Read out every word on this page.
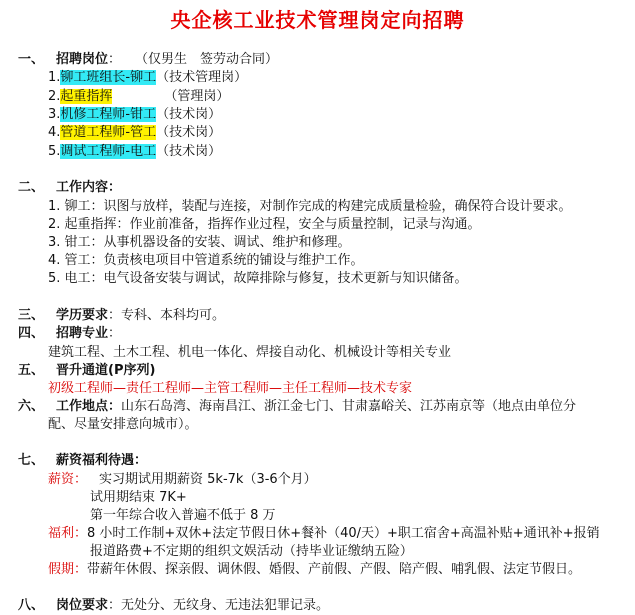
央企核工业技术管理岗定向招聘
一、 招聘岗位： （仅男生　签劳动合同）
1.铆工班组长-铆工（技术管理岗）
2.起重指挥	（管理岗）
3.机修工程师-钳工（技术岗）
4.管道工程师-管工（技术岗）
5.调试工程师-电工（技术岗）
二、 工作内容：
1. 铆工：识图与放样，装配与连接，对制作完成的构建完成质量检验，确保符合设计要求。
2. 起重指挥：作业前准备，指挥作业过程，安全与质量控制，记录与沟通。
3. 钳工：从事机器设备的安装、调试、维护和修理。
4. 管工：负责核电项目中管道系统的铺设与维护工作。
5. 电工：电气设备安装与调试，故障排除与修复，技术更新与知识储备。
三、 学历要求：专科、本科均可。
四、 招聘专业：
建筑工程、土木工程、机电一体化、焊接自动化、机械设计等相关专业
五、 晋升通道(P序列)
初级工程师—责任工程师—主管工程师—主任工程师—技术专家
六、 工作地点：山东石岛湾、海南昌江、浙江金七门、甘肃嘉峪关、江苏南京等（地点由单位分
配、尽量安排意向城市）。
七、 薪资福利待遇：
薪资： 实习期试用期薪资 5k-7k（3-6个月）
试用期结束 7K+
第一年综合收入普遍不低于 8 万
福利：8 小时工作制+双休+法定节假日休+餐补（40/天）+职工宿舍+高温补贴+通讯补+报销
报道路费+不定期的组织文娱活动（持毕业证缴纳五险）
假期：带薪年休假、探亲假、调休假、婚假、产前假、产假、陪产假、哺乳假、法定节假日。
八、 岗位要求：无处分、无纹身、无违法犯罪记录。
